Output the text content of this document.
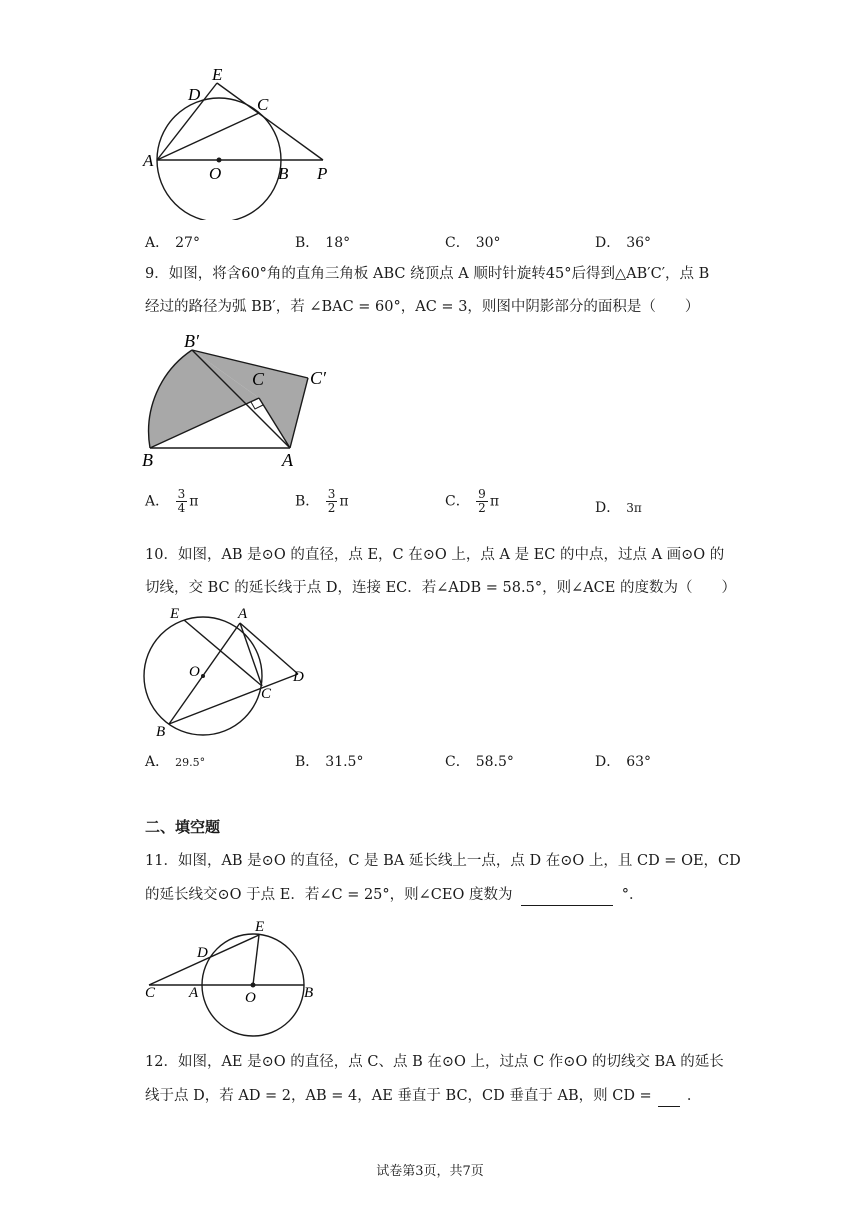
E
D
C
A
O	B P
A． 27°	B． 18°	C． 30°	D． 36°
9．如图，将含60°角的直角三角板 ABC 绕顶点 A 顺时针旋转45°后得到△AB′C′，点 B
经过的路径为弧 BB′，若 ∠BAC = 60°，AC = 3，则图中阴影部分的面积是（　　）
B′
C	C′
B	A
A． $\frac{3}{4}$ π	B． $\frac{3}{2}$ π	C． $\frac{9}{2}$ π	D． 3π
10．如图，AB 是⊙O 的直径，点 E，C 在⊙O 上，点 A 是 EC 的中点，过点 A 画⊙O 的
切线，交 BC 的延长线于点 D，连接 EC．若∠ADB = 58.5°，则∠ACE 的度数为（　　）
E	A
O	D
C
B
A． 29.5°	B． 31.5°	C． 58.5°	D． 63°
二、填空题
11．如图，AB 是⊙O 的直径，C 是 BA 延长线上一点，点 D 在⊙O 上，且 CD = OE，CD
的延长线交⊙O 于点 E．若∠C = 25°，则∠CEO 度数为	°．
E
D
C A	O	B
12．如图，AE 是⊙O 的直径，点 C、点 B 在⊙O 上，过点 C 作⊙O 的切线交 BA 的延长
线于点 D，若 AD = 2，AB = 4，AE 垂直于 BC，CD 垂直于 AB，则 CD = ．
试卷第3页，共7页
